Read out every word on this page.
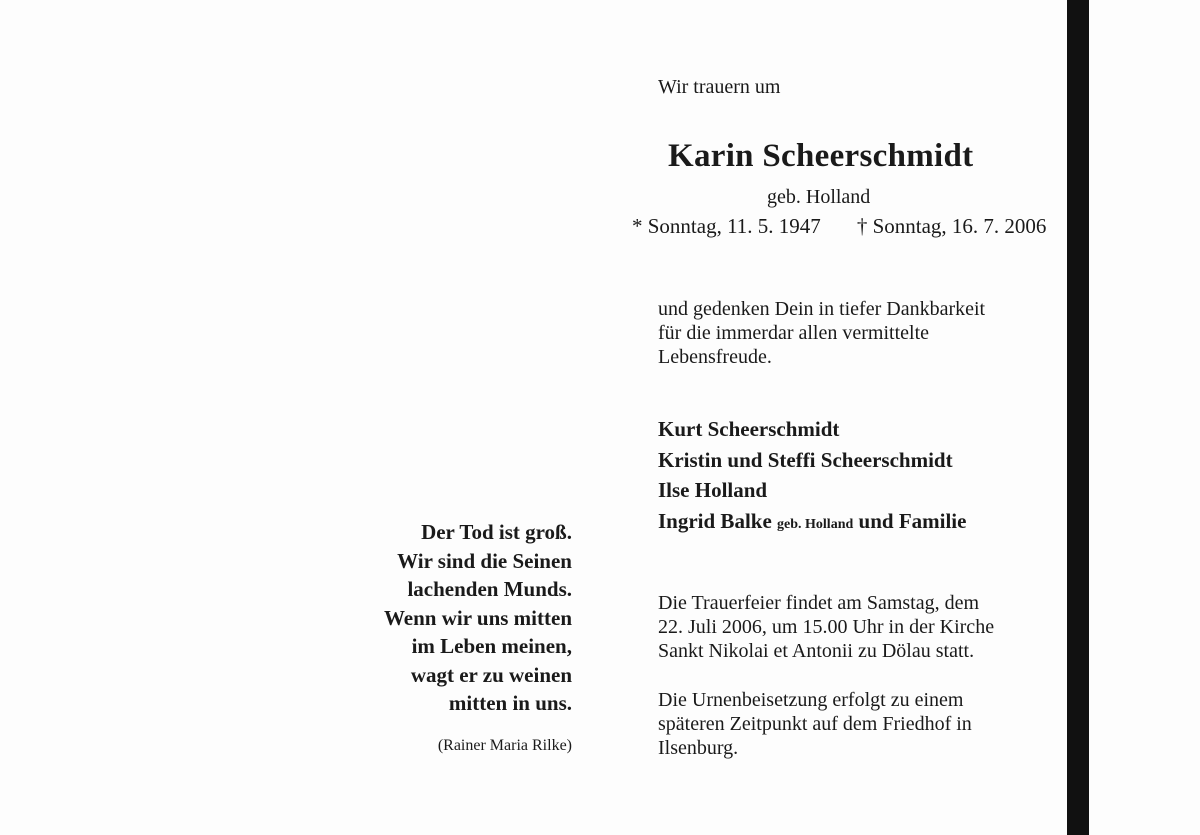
Wir trauern um
Karin Scheerschmidt
geb. Holland
* Sonntag, 11. 5. 1947 † Sonntag, 16. 7. 2006
und gedenken Dein in tiefer Dankbarkeit
für die immerdar allen vermittelte
Lebensfreude.
Kurt Scheerschmidt
Kristin und Steffi Scheerschmidt
Ilse Holland
Ingrid Balke geb. Holland und Familie
Die Trauerfeier findet am Samstag, dem
22. Juli 2006, um 15.00 Uhr in der Kirche
Sankt Nikolai et Antonii zu Dölau statt.
Die Urnenbeisetzung erfolgt zu einem
späteren Zeitpunkt auf dem Friedhof in
Ilsenburg.
Der Tod ist groß.
Wir sind die Seinen
lachenden Munds.
Wenn wir uns mitten
im Leben meinen,
wagt er zu weinen
mitten in uns.
(Rainer Maria Rilke)
